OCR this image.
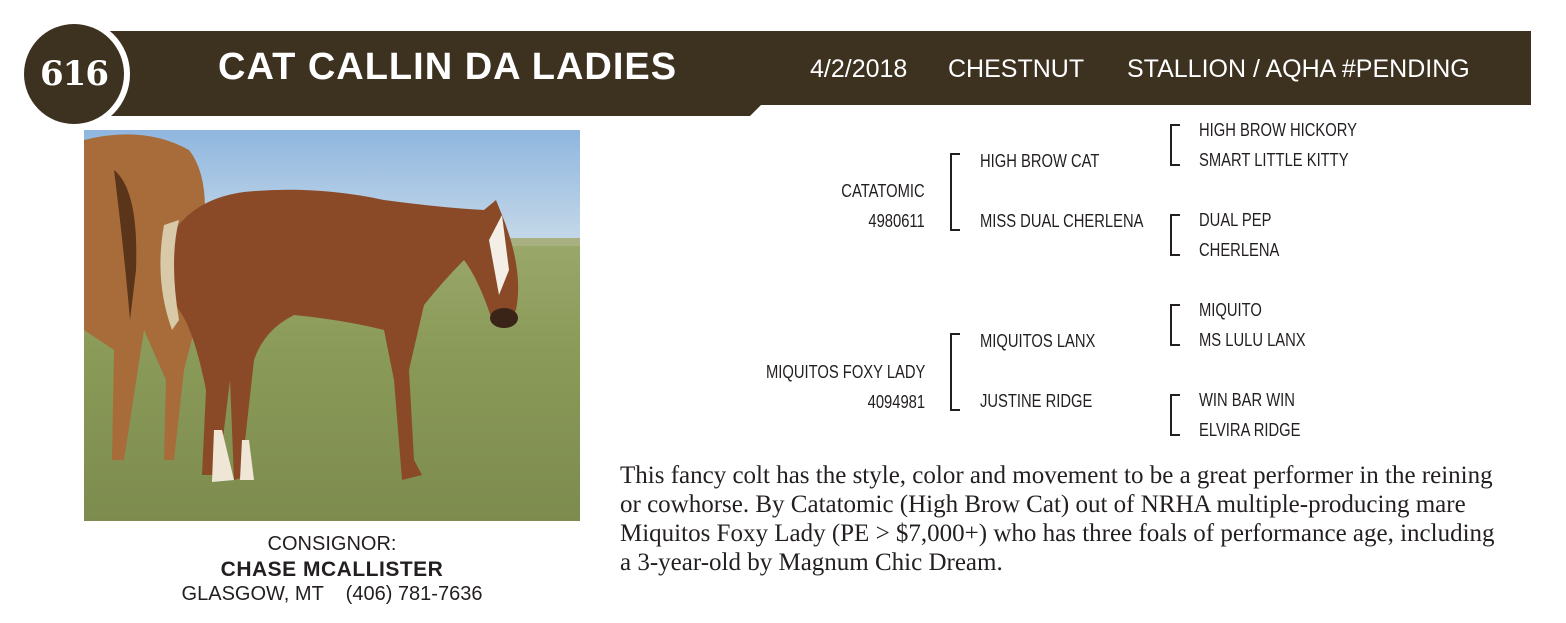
616	CAT CALLIN DA LADIES	4/2/2018 CHESTNUT STALLION / AQHA #PENDING
CONSIGNOR:
CHASE MCALLISTER
GLASGOW, MT (406) 781-7636
CATATOMIC
4980611
HIGH BROW CAT
MISS DUAL CHERLENA
HIGH BROW HICKORY
SMART LITTLE KITTY
DUAL PEP
CHERLENA
MIQUITOS FOXY LADY
4094981
MIQUITOS LANX
JUSTINE RIDGE
MIQUITO
MS LULU LANX
WIN BAR WIN
ELVIRA RIDGE
This fancy colt has the style, color and movement to be a great performer in the reining or cowhorse. By Catatomic (High Brow Cat) out of NRHA multiple-producing mare Miquitos Foxy Lady (PE > $7,000+) who has three foals of performance age, including a 3-year-old by Magnum Chic Dream.
